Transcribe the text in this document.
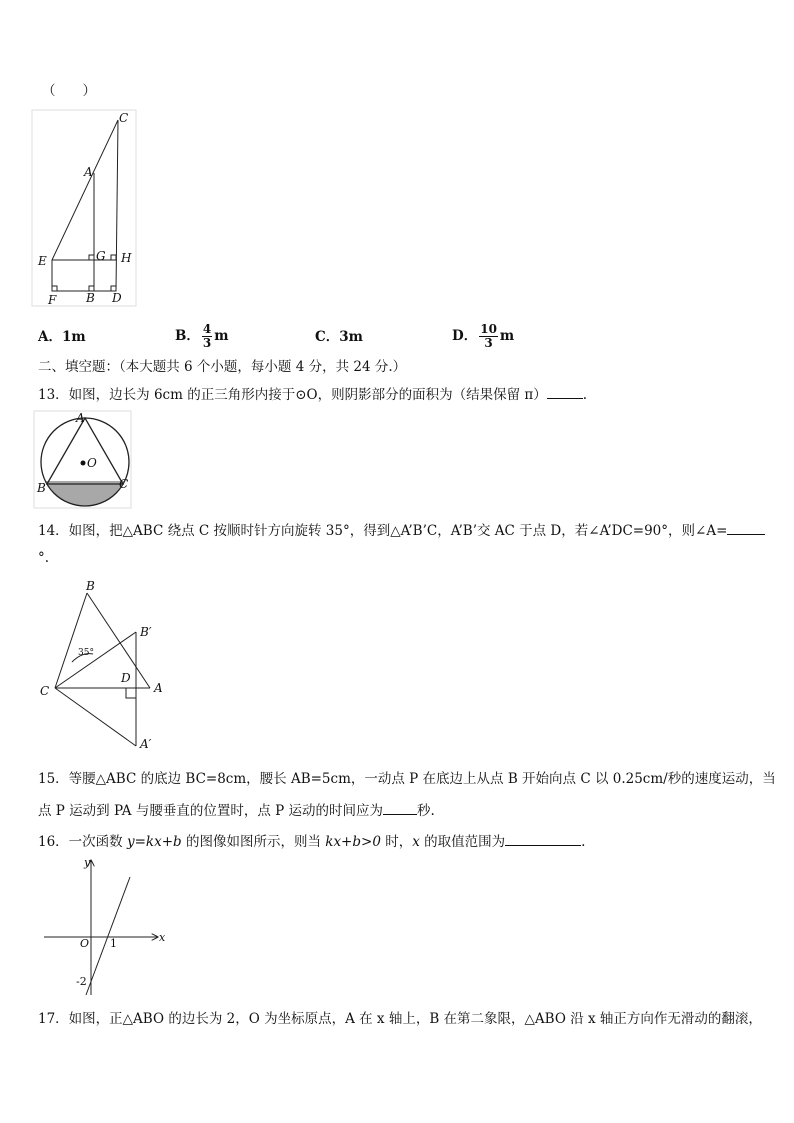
（　　）
C
A
E	G H
F B D
A．1m	B． $\frac{4}{3}$ m	C．3m	D． $\frac{10}{3}$ m
二、填空题：（本大题共 6 个小题，每小题 4 分，共 24 分.）
13．如图，边长为 6cm 的正三角形内接于⊙O，则阴影部分的面积为（结果保留 π）	.
A
O
B	C
14．如图，把△ABC 绕点 C 按顺时针方向旋转 35°，得到△A’B’C，A’B’交 AC 于点 D，若∠A’DC=90°，则∠A=
°.
B
B′
C
D
A
A′
35°
15．等腰△ABC 的底边 BC=8cm，腰长 AB=5cm，一动点 P 在底边上从点 B 开始向点 C 以 0.25cm/秒的速度运动，当
点 P 运动到 PA 与腰垂直的位置时，点 P 运动的时间应为	秒.
16．一次函数 y=kx+b 的图像如图所示，则当 kx+b>0 时，x 的取值范围为	.
y
x
O 1
-2
17．如图，正△ABO 的边长为 2，O 为坐标原点，A 在 x 轴上，B 在第二象限，△ABO 沿 x 轴正方向作无滑动的翻滚，
